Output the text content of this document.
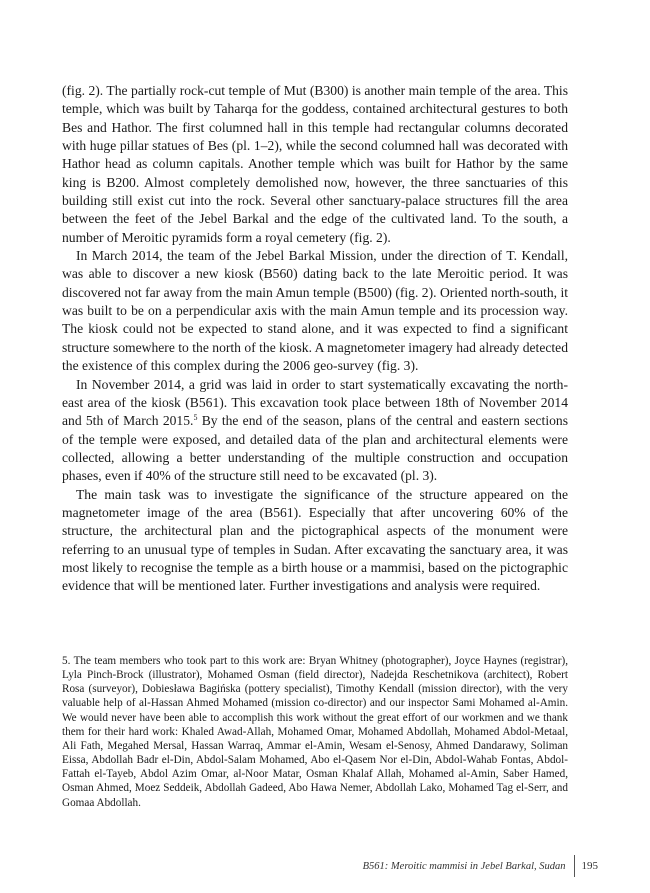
(fig. 2). The partially rock-cut temple of Mut (B300) is another main temple of the area. This temple, which was built by Taharqa for the goddess, contained architectural gestures to both Bes and Hathor. The first columned hall in this temple had rectangular columns decorated with huge pillar statues of Bes (pl. 1–2), while the second columned hall was decorated with Hathor head as column capitals. Another temple which was built for Hathor by the same king is B200. Almost completely demolished now, however, the three sanctuaries of this building still exist cut into the rock. Several other sanctuary-palace structures fill the area between the feet of the Jebel Barkal and the edge of the cultivated land. To the south, a number of Meroitic pyramids form a royal cemetery (fig. 2).

In March 2014, the team of the Jebel Barkal Mission, under the direction of T. Kendall, was able to discover a new kiosk (B560) dating back to the late Meroitic period. It was discovered not far away from the main Amun temple (B500) (fig. 2). Oriented north-south, it was built to be on a perpendicular axis with the main Amun temple and its procession way. The kiosk could not be expected to stand alone, and it was expected to find a significant structure somewhere to the north of the kiosk. A magnetometer imagery had already detected the existence of this complex during the 2006 geo-survey (fig. 3).

In November 2014, a grid was laid in order to start systematically excavating the north-east area of the kiosk (B561). This excavation took place between 18th of November 2014 and 5th of March 2015.$^5$ By the end of the season, plans of the central and eastern sections of the temple were exposed, and detailed data of the plan and architectural elements were collected, allowing a better understanding of the multiple construction and occupation phases, even if 40% of the structure still need to be excavated (pl. 3).

The main task was to investigate the significance of the structure appeared on the magnetometer image of the area (B561). Especially that after uncovering 60% of the structure, the architectural plan and the pictographical aspects of the monument were referring to an unusual type of temples in Sudan. After excavating the sanctuary area, it was most likely to recognise the temple as a birth house or a mammisi, based on the pictographic evidence that will be mentioned later. Further investigations and analysis were required.

5. The team members who took part to this work are: Bryan Whitney (photographer), Joyce Haynes (registrar), Lyla Pinch-Brock (illustrator), Mohamed Osman (field director), Nadejda Reschetnikova (architect), Robert Rosa (surveyor), Dobiesława Bagińska (pottery specialist), Timothy Kendall (mission director), with the very valuable help of al-Hassan Ahmed Mohamed (mission co-director) and our inspector Sami Mohamed al-Amin. We would never have been able to accomplish this work without the great effort of our workmen and we thank them for their hard work: Khaled Awad-Allah, Mohamed Omar, Mohamed Abdollah, Mohamed Abdol-Metaal, Ali Fath, Megahed Mersal, Hassan Warraq, Ammar el-Amin, Wesam el-Senosy, Ahmed Dandarawy, Soliman Eissa, Abdollah Badr el-Din, Abdol-Salam Mohamed, Abo el-Qasem Nor el-Din, Abdol-Wahab Fontas, Abdol-Fattah el-Tayeb, Abdol Azim Omar, al-Noor Matar, Osman Khalaf Allah, Mohamed al-Amin, Saber Hamed, Osman Ahmed, Moez Seddeik, Abdollah Gadeed, Abo Hawa Nemer, Abdollah Lako, Mohamed Tag el-Serr, and Gomaa Abdollah.

B561: Meroitic mammisi in Jebel Barkal, Sudan	195
